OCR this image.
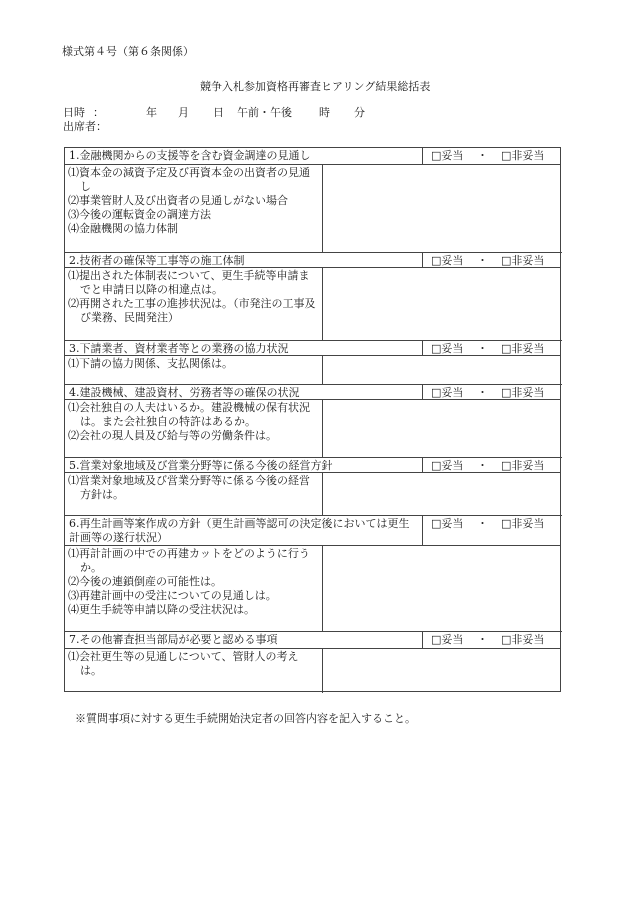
様式第４号（第６条関係）
競争入札参加資格再審査ヒアリング結果総括表
日時 ：	年 月 日 午前・午後 時 分
出席者：
1.金融機関からの支援等を含む資金調達の見通し	□妥当 ・ □非妥当
⑴資本金の減資予定及び再資本金の出資者の見通し
⑵事業管財人及び出資者の見通しがない場合
⑶今後の運転資金の調達方法
⑷金融機関の協力体制
2.技術者の確保等工事等の施工体制	□妥当 ・ □非妥当
⑴提出された体制表について、更生手続等申請までと申請日以降の相違点は。
⑵再開された工事の進捗状況は。（市発注の工事及び業務、民間発注）
3.下請業者、資材業者等との業務の協力状況	□妥当 ・ □非妥当
⑴下請の協力関係、支払関係は。
4.建設機械、建設資材、労務者等の確保の状況	□妥当 ・ □非妥当
⑴会社独自の人夫はいるか。建設機械の保有状況は。また会社独自の特許はあるか。
⑵会社の現人員及び給与等の労働条件は。
5.営業対象地域及び営業分野等に係る今後の経営方針	□妥当 ・ □非妥当
⑴営業対象地域及び営業分野等に係る今後の経営方針は。
6.再生計画等案作成の方針（更生計画等認可の決定後においては更生計画等の遂行状況）
□妥当 ・ □非妥当
⑴再計計画の中での再建カットをどのように行うか。
⑵今後の連鎖倒産の可能性は。
⑶再建計画中の受注についての見通しは。
⑷更生手続等申請以降の受注状況は。
7.その他審査担当部局が必要と認める事項	□妥当 ・ □非妥当
⑴会社更生等の見通しについて、管財人の考えは。
※質問事項に対する更生手続開始決定者の回答内容を記入すること。
